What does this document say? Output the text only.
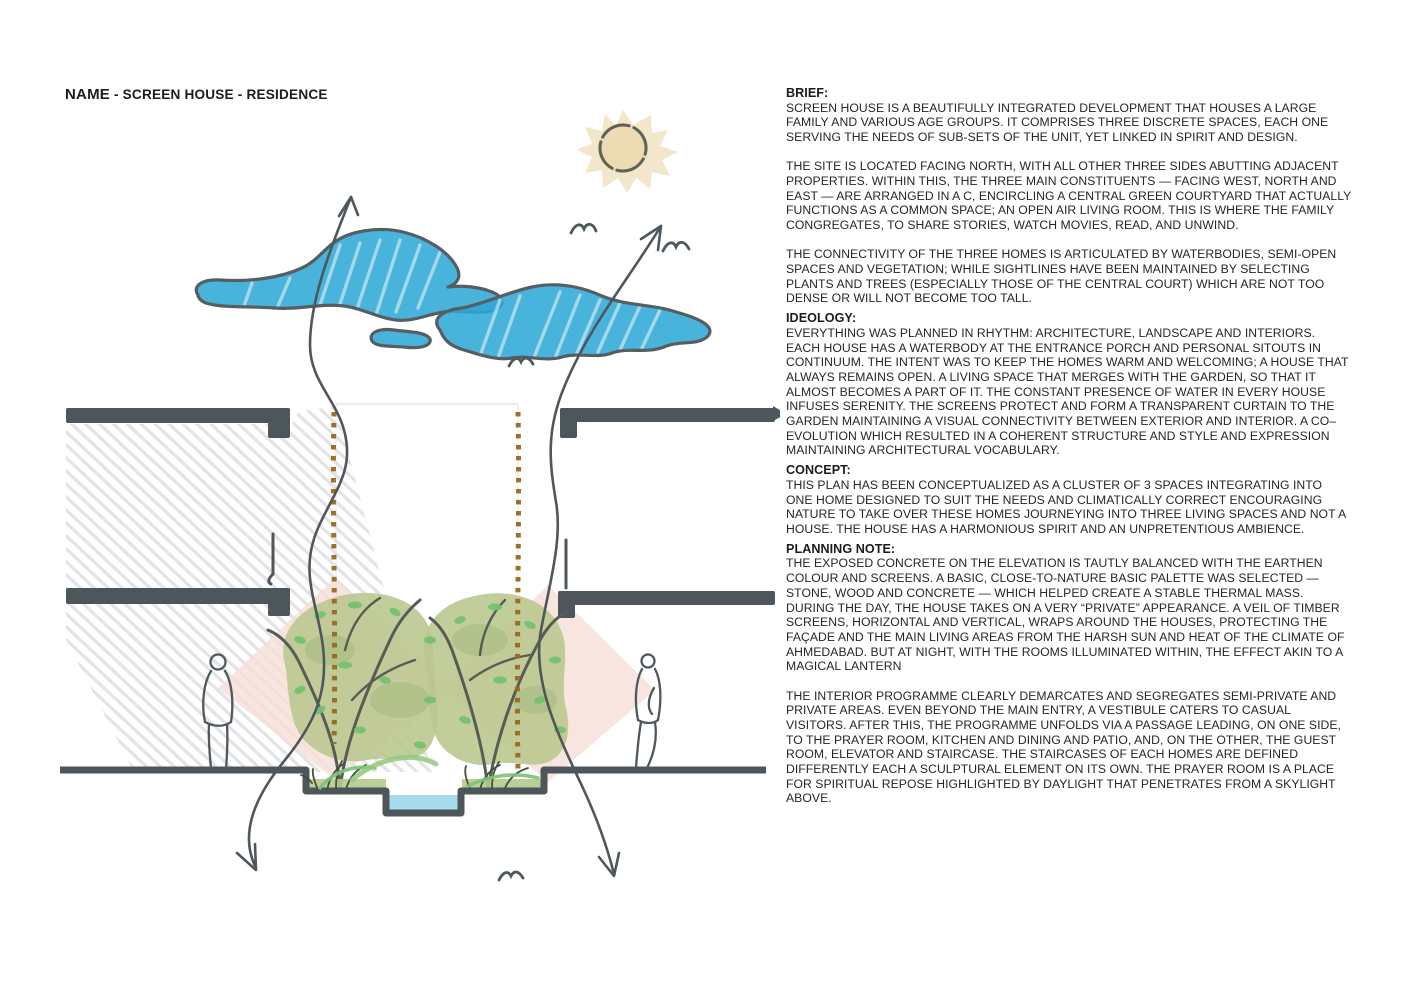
NAME - SCREEN HOUSE - RESIDENCE	BRIEF:

SCREEN HOUSE IS A BEAUTIFULLY INTEGRATED DEVELOPMENT THAT HOUSES A LARGE FAMILY AND VARIOUS AGE GROUPS. IT COMPRISES THREE DISCRETE SPACES, EACH ONE SERVING THE NEEDS OF SUB-SETS OF THE UNIT, YET LINKED IN SPIRIT AND DESIGN.

THE SITE IS LOCATED FACING NORTH, WITH ALL OTHER THREE SIDES ABUTTING ADJACENT PROPERTIES. WITHIN THIS, THE THREE MAIN CONSTITUENTS — FACING WEST, NORTH AND EAST — ARE ARRANGED IN A C, ENCIRCLING A CENTRAL GREEN COURTYARD THAT ACTUALLY FUNCTIONS AS A COMMON SPACE; AN OPEN AIR LIVING ROOM. THIS IS WHERE THE FAMILY CONGREGATES, TO SHARE STORIES, WATCH MOVIES, READ, AND UNWIND.

THE CONNECTIVITY OF THE THREE HOMES IS ARTICULATED BY WATERBODIES, SEMI-OPEN SPACES AND VEGETATION; WHILE SIGHTLINES HAVE BEEN MAINTAINED BY SELECTING PLANTS AND TREES (ESPECIALLY THOSE OF THE CENTRAL COURT) WHICH ARE NOT TOO DENSE OR WILL NOT BECOME TOO TALL.

IDEOLOGY:

EVERYTHING WAS PLANNED IN RHYTHM: ARCHITECTURE, LANDSCAPE AND INTERIORS. EACH HOUSE HAS A WATERBODY AT THE ENTRANCE PORCH AND PERSONAL SITOUTS IN CONTINUUM. THE INTENT WAS TO KEEP THE HOMES WARM AND WELCOMING; A HOUSE THAT ALWAYS REMAINS OPEN. A LIVING SPACE THAT MERGES WITH THE GARDEN, SO THAT IT ALMOST BECOMES A PART OF IT. THE CONSTANT PRESENCE OF WATER IN EVERY HOUSE INFUSES SERENITY. THE SCREENS PROTECT AND FORM A TRANSPARENT CURTAIN TO THE GARDEN MAINTAINING A VISUAL CONNECTIVITY BETWEEN EXTERIOR AND INTERIOR. A CO–EVOLUTION WHICH RESULTED IN A COHERENT STRUCTURE AND STYLE AND EXPRESSION MAINTAINING ARCHITECTURAL VOCABULARY.

CONCEPT:

THIS PLAN HAS BEEN CONCEPTUALIZED AS A CLUSTER OF 3 SPACES INTEGRATING INTO ONE HOME DESIGNED TO SUIT THE NEEDS AND CLIMATICALLY CORRECT ENCOURAGING NATURE TO TAKE OVER THESE HOMES JOURNEYING INTO THREE LIVING SPACES AND NOT A HOUSE. THE HOUSE HAS A HARMONIOUS SPIRIT AND AN UNPRETENTIOUS AMBIENCE.

PLANNING NOTE:

THE EXPOSED CONCRETE ON THE ELEVATION IS TAUTLY BALANCED WITH THE EARTHEN COLOUR AND SCREENS. A BASIC, CLOSE-TO-NATURE BASIC PALETTE WAS SELECTED — STONE, WOOD AND CONCRETE — WHICH HELPED CREATE A STABLE THERMAL MASS. DURING THE DAY, THE HOUSE TAKES ON A VERY “PRIVATE” APPEARANCE. A VEIL OF TIMBER SCREENS, HORIZONTAL AND VERTICAL, WRAPS AROUND THE HOUSES, PROTECTING THE FAÇADE AND THE MAIN LIVING AREAS FROM THE HARSH SUN AND HEAT OF THE CLIMATE OF AHMEDABAD. BUT AT NIGHT, WITH THE ROOMS ILLUMINATED WITHIN, THE EFFECT AKIN TO A MAGICAL LANTERN

THE INTERIOR PROGRAMME CLEARLY DEMARCATES AND SEGREGATES SEMI-PRIVATE AND PRIVATE AREAS. EVEN BEYOND THE MAIN ENTRY, A VESTIBULE CATERS TO CASUAL VISITORS. AFTER THIS, THE PROGRAMME UNFOLDS VIA A PASSAGE LEADING, ON ONE SIDE, TO THE PRAYER ROOM, KITCHEN AND DINING AND PATIO, AND, ON THE OTHER, THE GUEST ROOM, ELEVATOR AND STAIRCASE. THE STAIRCASES OF EACH HOMES ARE DEFINED DIFFERENTLY EACH A SCULPTURAL ELEMENT ON ITS OWN. THE PRAYER ROOM IS A PLACE FOR SPIRITUAL REPOSE HIGHLIGHTED BY DAYLIGHT THAT PENETRATES FROM A SKYLIGHT ABOVE.
